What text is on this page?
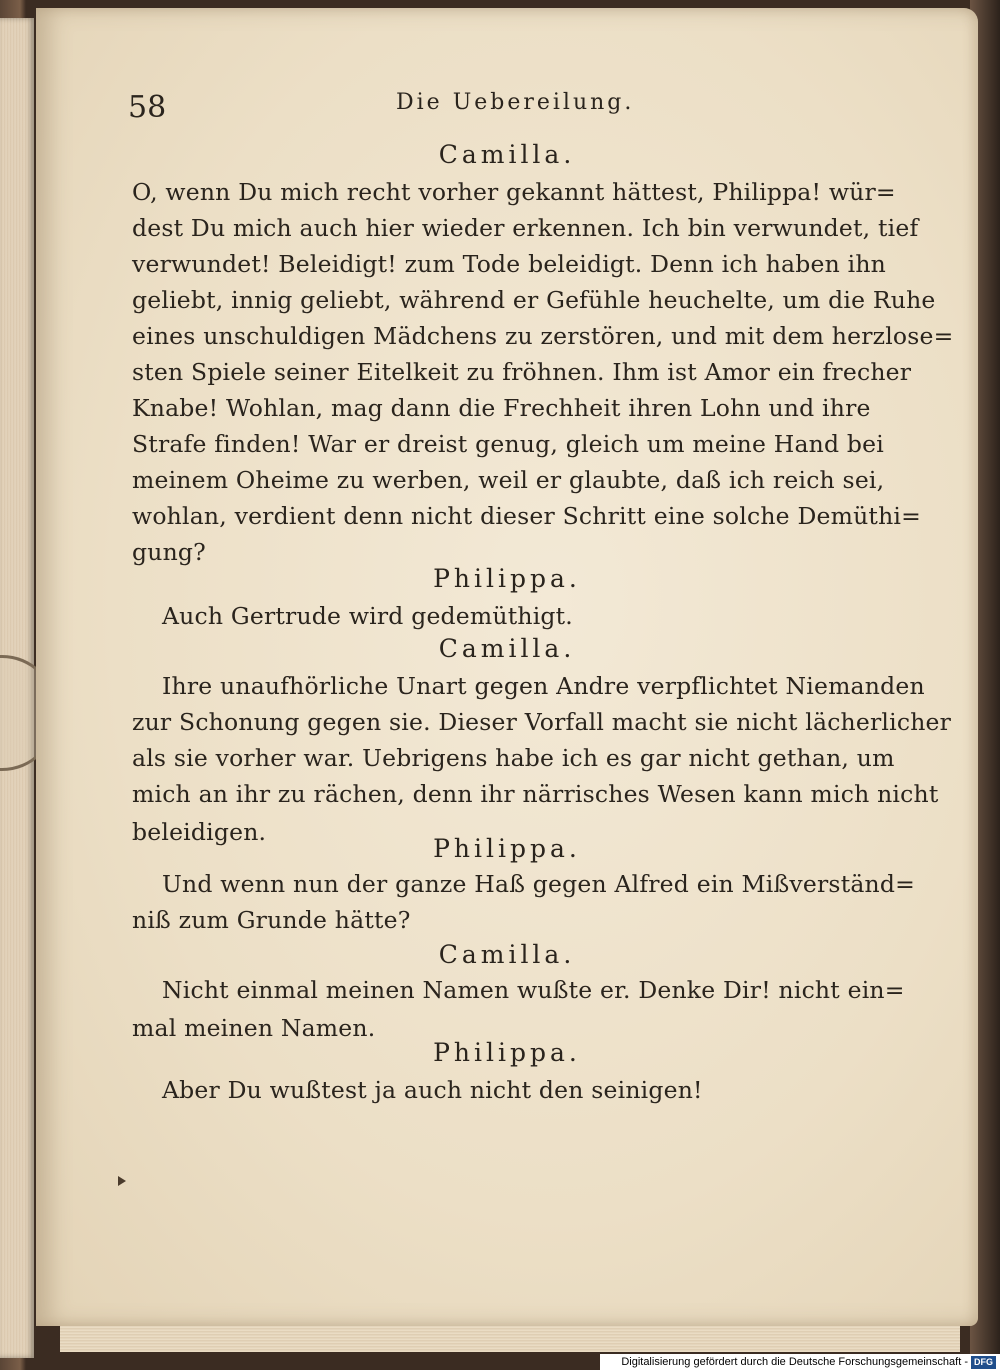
58	Die Uebereilung.
Camilla.
O, wenn Du mich recht vorher gekannt hättest, Philippa! wür=
dest Du mich auch hier wieder erkennen. Ich bin verwundet, tief
verwundet! Beleidigt! zum Tode beleidigt. Denn ich haben ihn
geliebt, innig geliebt, während er Gefühle heuchelte, um die Ruhe
eines unschuldigen Mädchens zu zerstören, und mit dem herzlose=
sten Spiele seiner Eitelkeit zu fröhnen. Ihm ist Amor ein frecher
Knabe! Wohlan, mag dann die Frechheit ihren Lohn und ihre
Strafe finden! War er dreist genug, gleich um meine Hand bei
meinem Oheime zu werben, weil er glaubte, daß ich reich sei,
wohlan, verdient denn nicht dieser Schritt eine solche Demüthi=
gung?
Philippa.
Auch Gertrude wird gedemüthigt.
Camilla.
Ihre unaufhörliche Unart gegen Andre verpflichtet Niemanden
zur Schonung gegen sie. Dieser Vorfall macht sie nicht lächerlicher
als sie vorher war. Uebrigens habe ich es gar nicht gethan, um
mich an ihr zu rächen, denn ihr närrisches Wesen kann mich nicht
beleidigen.
Philippa.
Und wenn nun der ganze Haß gegen Alfred ein Mißverständ=
niß zum Grunde hätte?
Camilla.
Nicht einmal meinen Namen wußte er. Denke Dir! nicht ein=
mal meinen Namen.
Philippa.
Aber Du wußtest ja auch nicht den seinigen!
Digitalisierung gefördert durch die Deutsche Forschungsgemeinschaft - DFG
